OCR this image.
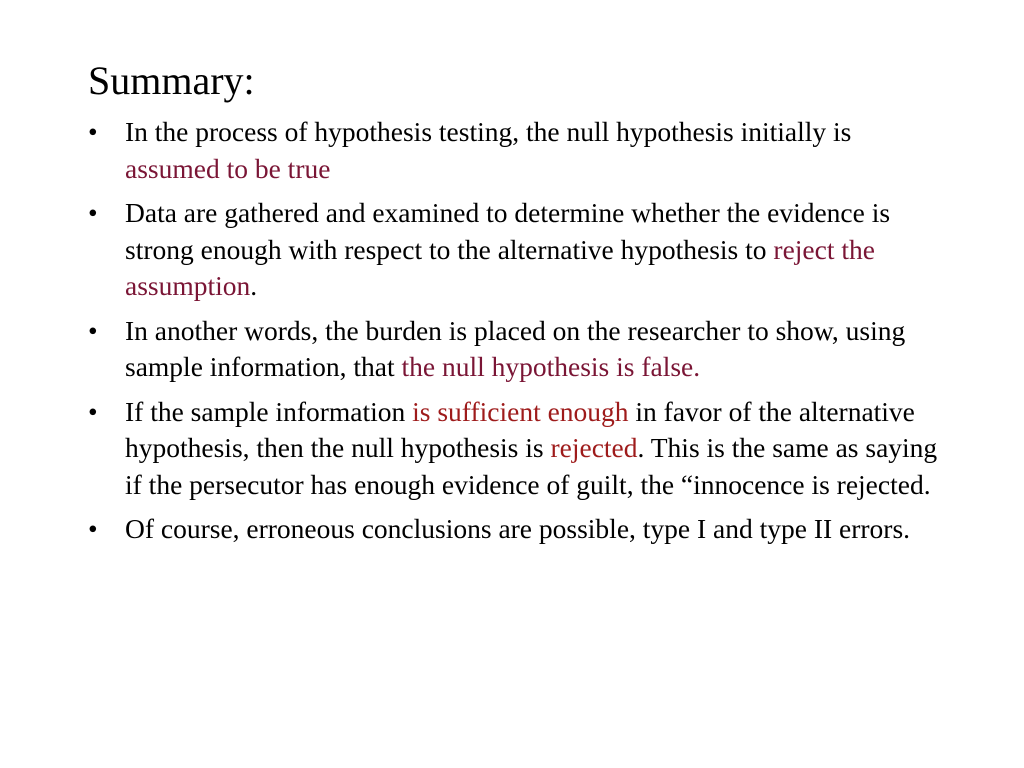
Summary:
• In the process of hypothesis testing, the null hypothesis initially is assumed to be true
• Data are gathered and examined to determine whether the evidence is strong enough with respect to the alternative hypothesis to reject the assumption.
• In another words, the burden is placed on the researcher to show, using sample information, that the null hypothesis is false.
• If the sample information is sufficient enough in favor of the alternative hypothesis, then the null hypothesis is rejected. This is the same as saying if the persecutor has enough evidence of guilt, the “innocence is rejected.
• Of course, erroneous conclusions are possible, type I and type II errors.
